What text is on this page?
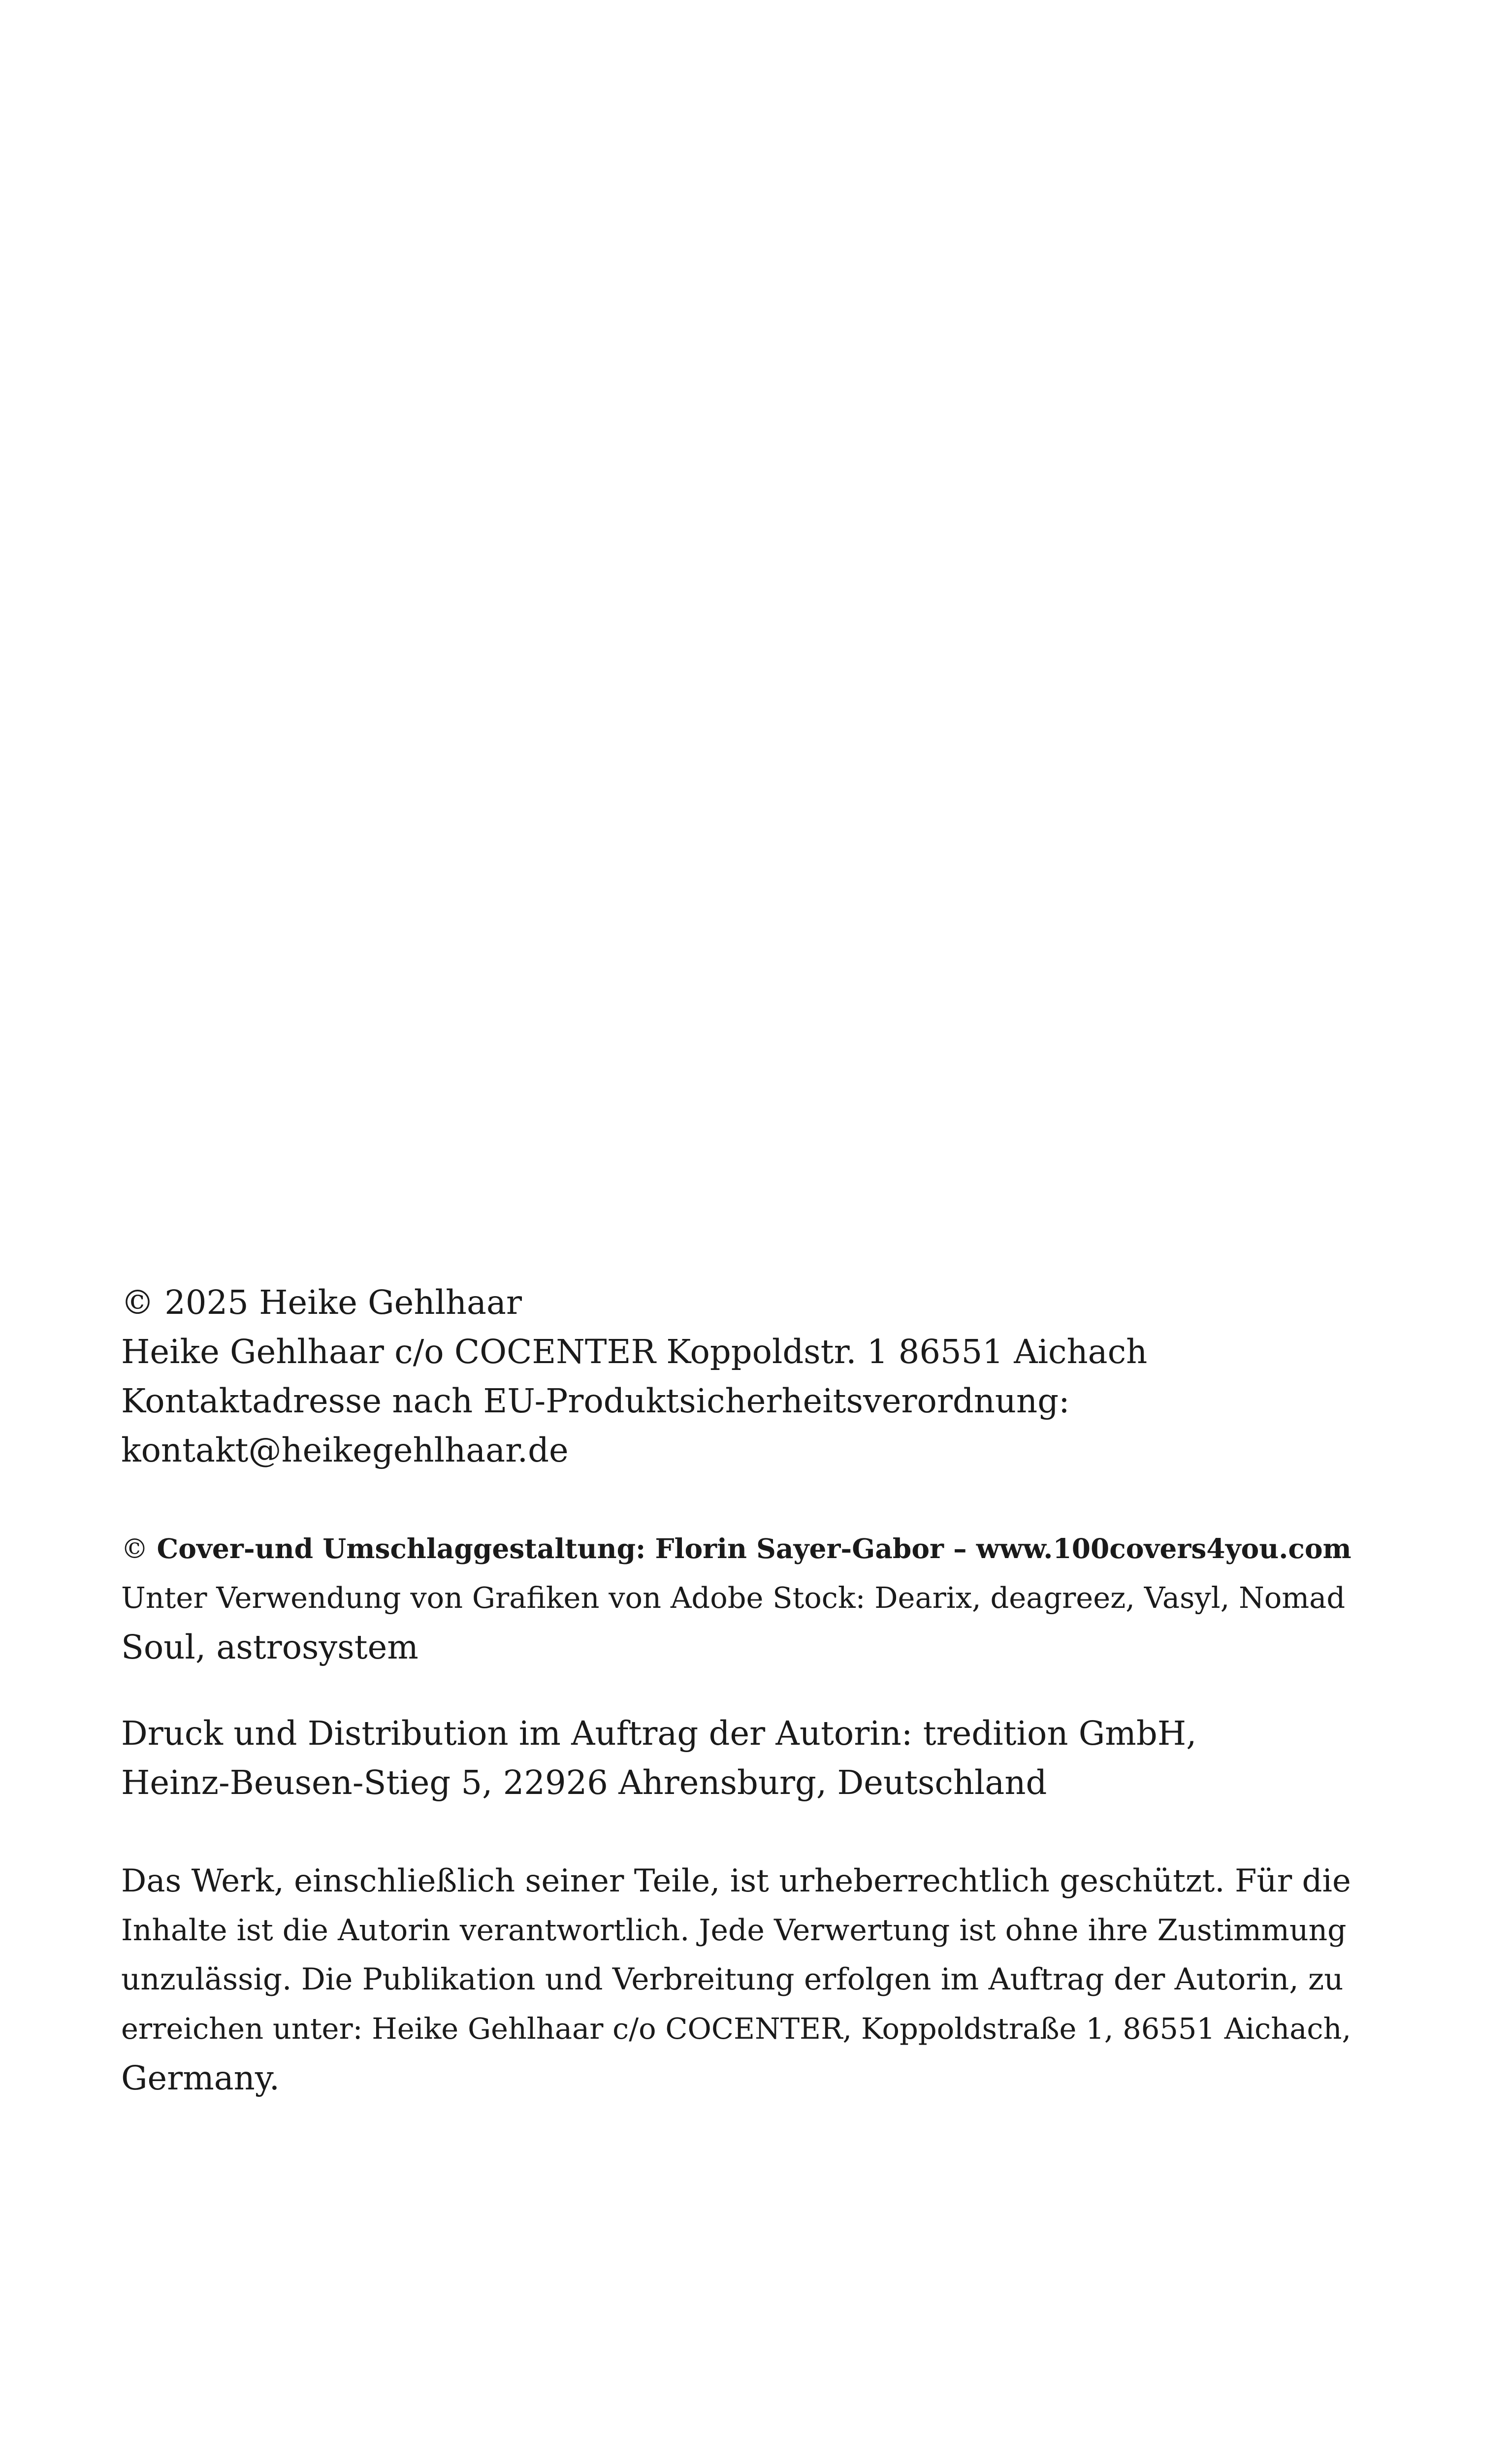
© 2025 Heike Gehlhaar

Heike Gehlhaar c/o COCENTER Koppoldstr. 1 86551 Aichach

Kontaktadresse nach EU-Produktsicherheitsverordnung:

kontakt@heikegehlhaar.de

© Cover-und Umschlaggestaltung: Florin Sayer-Gabor – www.100covers4you.com

Unter Verwendung von Grafiken von Adobe Stock: Dearix, deagreez, Vasyl, Nomad

Soul, astrosystem

Druck und Distribution im Auftrag der Autorin: tredition GmbH,

Heinz-Beusen-Stieg 5, 22926 Ahrensburg, Deutschland

Das Werk, einschließlich seiner Teile, ist urheberrechtlich geschützt. Für die

Inhalte ist die Autorin verantwortlich. Jede Verwertung ist ohne ihre Zustimmung

unzulässig. Die Publikation und Verbreitung erfolgen im Auftrag der Autorin, zu

erreichen unter: Heike Gehlhaar c/o COCENTER, Koppoldstraße 1, 86551 Aichach,

Germany.
